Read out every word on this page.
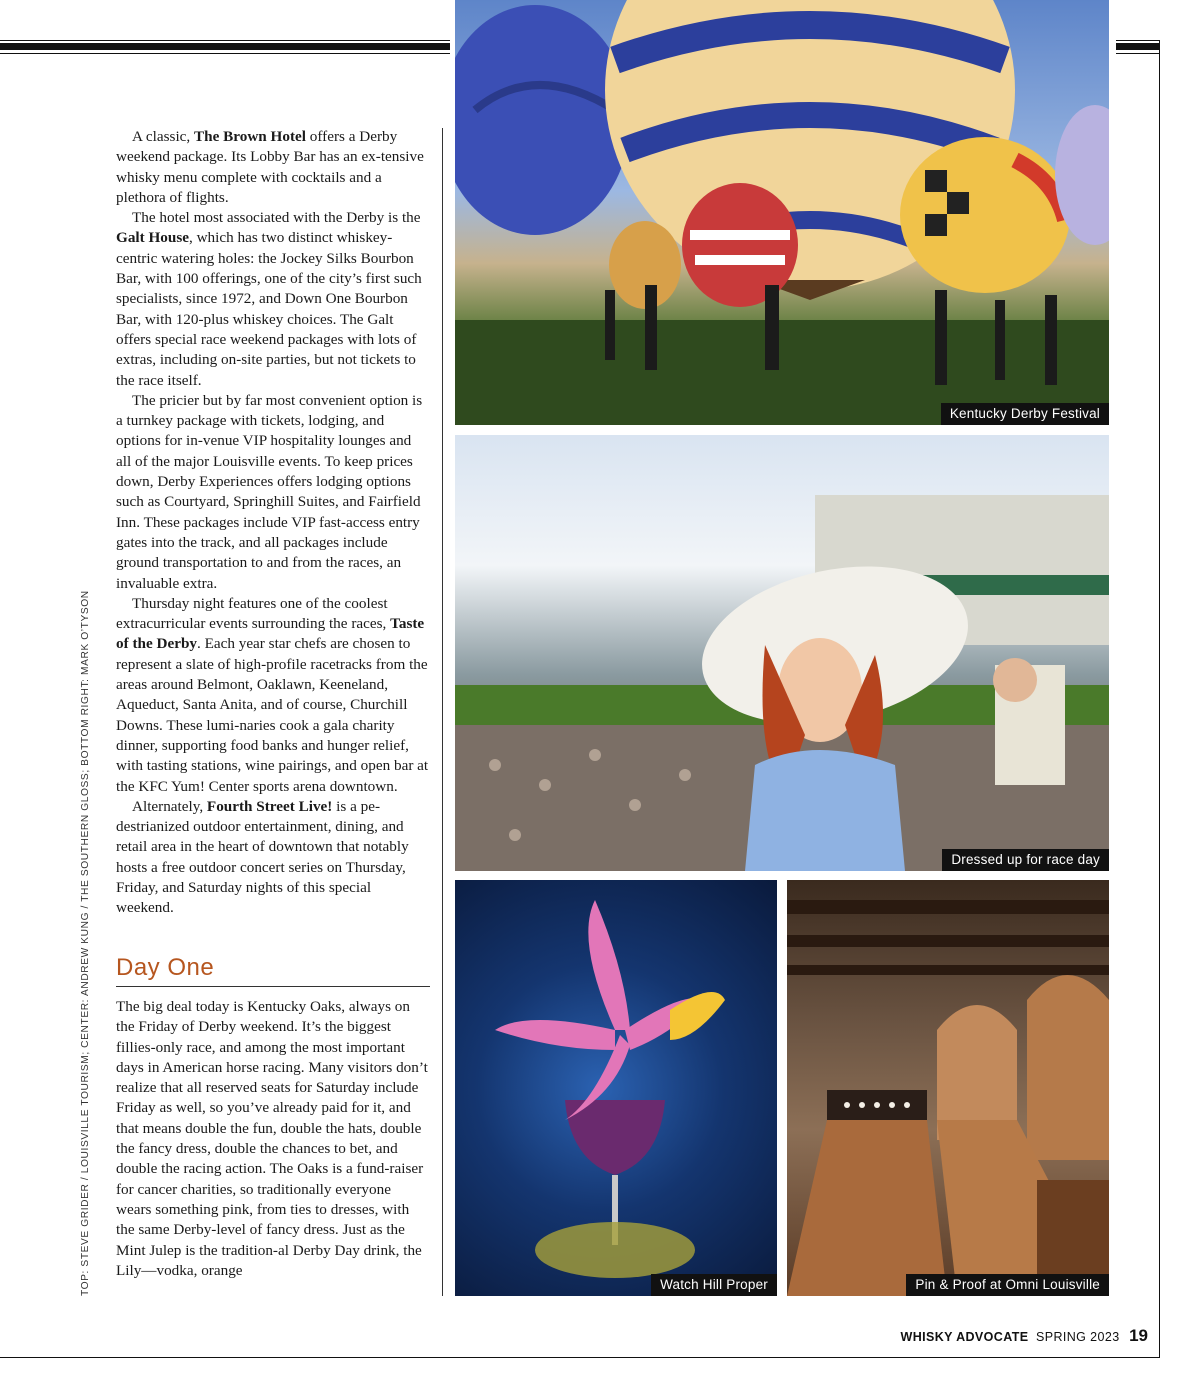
TOP: STEVE GRIDER / LOUISVILLE TOURISM; CENTER: ANDREW KUNG / THE SOUTHERN GLOSS; BOTTOM RIGHT: MARK O’TYSON

A classic, The Brown Hotel offers a Derby weekend package. Its Lobby Bar has an ex-tensive whisky menu complete with cocktails and a plethora of flights.

The hotel most associated with the Derby is the Galt House, which has two distinct whiskey-centric watering holes: the Jockey Silks Bourbon Bar, with 100 offerings, one of the city’s first such specialists, since 1972, and Down One Bourbon Bar, with 120-plus whiskey choices. The Galt offers special race weekend packages with lots of extras, including on-site parties, but not tickets to the race itself.

The pricier but by far most convenient option is a turnkey package with tickets, lodging, and options for in-venue VIP hospitality lounges and all of the major Louisville events. To keep prices down, Derby Experiences offers lodging options such as Courtyard, Springhill Suites, and Fairfield Inn. These packages include VIP fast-access entry gates into the track, and all packages include ground transportation to and from the races, an invaluable extra.

Thursday night features one of the coolest extracurricular events surrounding the races, Taste of the Derby. Each year star chefs are chosen to represent a slate of high-profile racetracks from the areas around Belmont, Oaklawn, Keeneland, Aqueduct, Santa Anita, and of course, Churchill Downs. These lumi-naries cook a gala charity dinner, supporting food banks and hunger relief, with tasting stations, wine pairings, and open bar at the KFC Yum! Center sports arena downtown.

Alternately, Fourth Street Live! is a pe-destrianized outdoor entertainment, dining, and retail area in the heart of downtown that notably hosts a free outdoor concert series on Thursday, Friday, and Saturday nights of this special weekend.

Day One

The big deal today is Kentucky Oaks, always on the Friday of Derby weekend. It’s the biggest fillies-only race, and among the most important days in American horse racing. Many visitors don’t realize that all reserved seats for Saturday include Friday as well, so you’ve already paid for it, and that means double the fun, double the hats, double the fancy dress, double the chances to bet, and double the racing action. The Oaks is a fund-raiser for cancer charities, so traditionally everyone wears something pink, from ties to dresses, with the same Derby-level of fancy dress. Just as the Mint Julep is the tradition-al Derby Day drink, the Lily—vodka, orange

Kentucky Derby Festival
Dressed up for race day
Watch Hill Proper	Pin & Proof at Omni Louisville
WHISKY ADVOCATE SPRING 2023 19
